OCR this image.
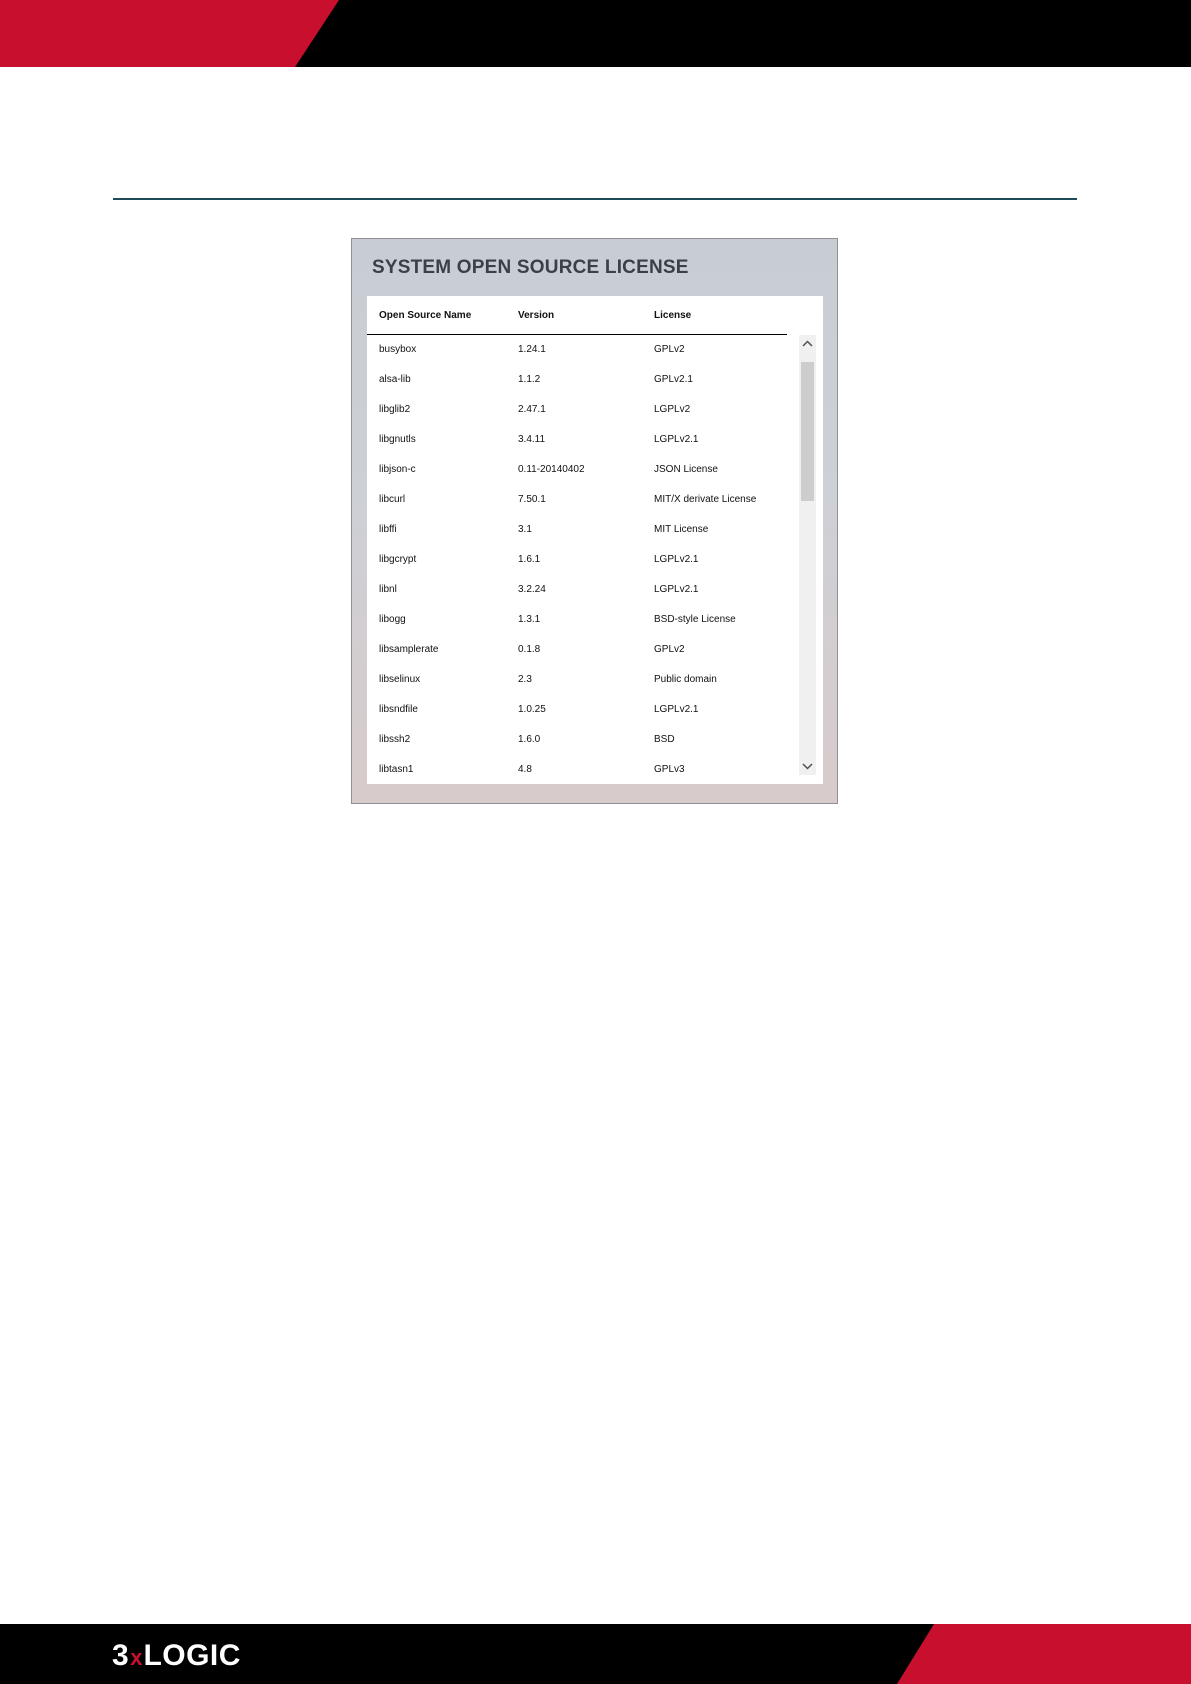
SYSTEM OPEN SOURCE LICENSE
Open Source Name	Version	License
busybox	1.24.1	GPLv2
alsa-lib	1.1.2	GPLv2.1
libglib2	2.47.1	LGPLv2
libgnutls	3.4.11	LGPLv2.1
libjson-c	0.11-20140402	JSON License
libcurl	7.50.1	MIT/X derivate License
libffi	3.1	MIT License
libgcrypt	1.6.1	LGPLv2.1
libnl	3.2.24	LGPLv2.1
libogg	1.3.1	BSD-style License
libsamplerate	0.1.8	GPLv2
libselinux	2.3	Public domain
libsndfile	1.0.25	LGPLv2.1
libssh2	1.6.0	BSD
libtasn1	4.8	GPLv3
3 x LOGIC
